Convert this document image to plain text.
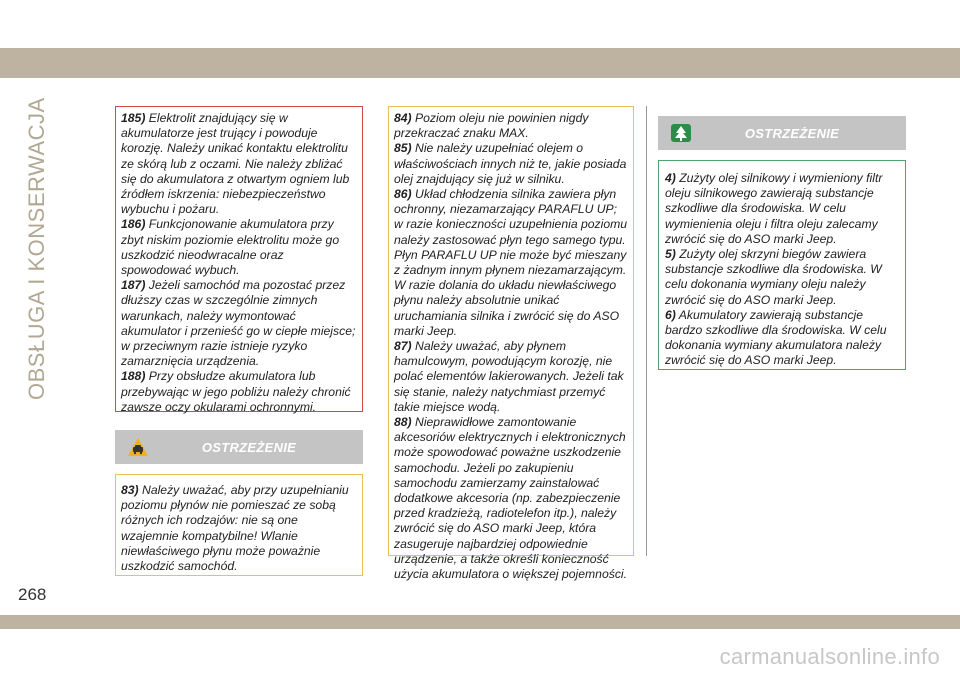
OBSŁUGA I KONSERWACJA
268

185) Elektrolit znajdujący się w akumulatorze jest trujący i powoduje korozję. Należy unikać kontaktu elektrolitu ze skórą lub z oczami. Nie należy zbliżać się do akumulatora z otwartym ogniem lub źródłem iskrzenia: niebezpieczeństwo wybuchu i pożaru.

186) Funkcjonowanie akumulatora przy zbyt niskim poziomie elektrolitu może go uszkodzić nieodwracalne oraz spowodować wybuch.

187) Jeżeli samochód ma pozostać przez dłuższy czas w szczególnie zimnych warunkach, należy wymontować akumulator i przenieść go w ciepłe miejsce; w przeciwnym razie istnieje ryzyko zamarznięcia urządzenia.

188) Przy obsłudze akumulatora lub przebywając w jego pobliżu należy chronić zawsze oczy okularami ochronnymi.

OSTRZEŻENIE

83) Należy uważać, aby przy uzupełnianiu poziomu płynów nie pomieszać ze sobą różnych ich rodzajów: nie są one wzajemnie kompatybilne! Wlanie niewłaściwego płynu może poważnie uszkodzić samochód.

84) Poziom oleju nie powinien nigdy przekraczać znaku MAX.

85) Nie należy uzupełniać olejem o właściwościach innych niż te, jakie posiada olej znajdujący się już w silniku.

86) Układ chłodzenia silnika zawiera płyn ochronny, niezamarzający PARAFLU UP; w razie konieczności uzupełnienia poziomu należy zastosować płyn tego samego typu. Płyn PARAFLU UP nie może być mieszany z żadnym innym płynem niezamarzającym. W razie dolania do układu niewłaściwego płynu należy absolutnie unikać uruchamiania silnika i zwrócić się do ASO marki Jeep.

87) Należy uważać, aby płynem hamulcowym, powodującym korozję, nie polać elementów lakierowanych. Jeżeli tak się stanie, należy natychmiast przemyć takie miejsce wodą.

88) Nieprawidłowe zamontowanie akcesoriów elektrycznych i elektronicznych może spowodować poważne uszkodzenie samochodu. Jeżeli po zakupieniu samochodu zamierzamy zainstalować dodatkowe akcesoria (np. zabezpieczenie przed kradzieżą, radiotelefon itp.), należy zwrócić się do ASO marki Jeep, która zasugeruje najbardziej odpowiednie urządzenie, a także określi konieczność użycia akumulatora o większej pojemności.

OSTRZEŻENIE

4) Zużyty olej silnikowy i wymieniony filtr oleju silnikowego zawierają substancje szkodliwe dla środowiska. W celu wymienienia oleju i filtra oleju zalecamy zwrócić się do ASO marki Jeep.

5) Zużyty olej skrzyni biegów zawiera substancje szkodliwe dla środowiska. W celu dokonania wymiany oleju należy zwrócić się do ASO marki Jeep.

6) Akumulatory zawierają substancje bardzo szkodliwe dla środowiska. W celu dokonania wymiany akumulatora należy zwrócić się do ASO marki Jeep.

carmanualsonline.info
